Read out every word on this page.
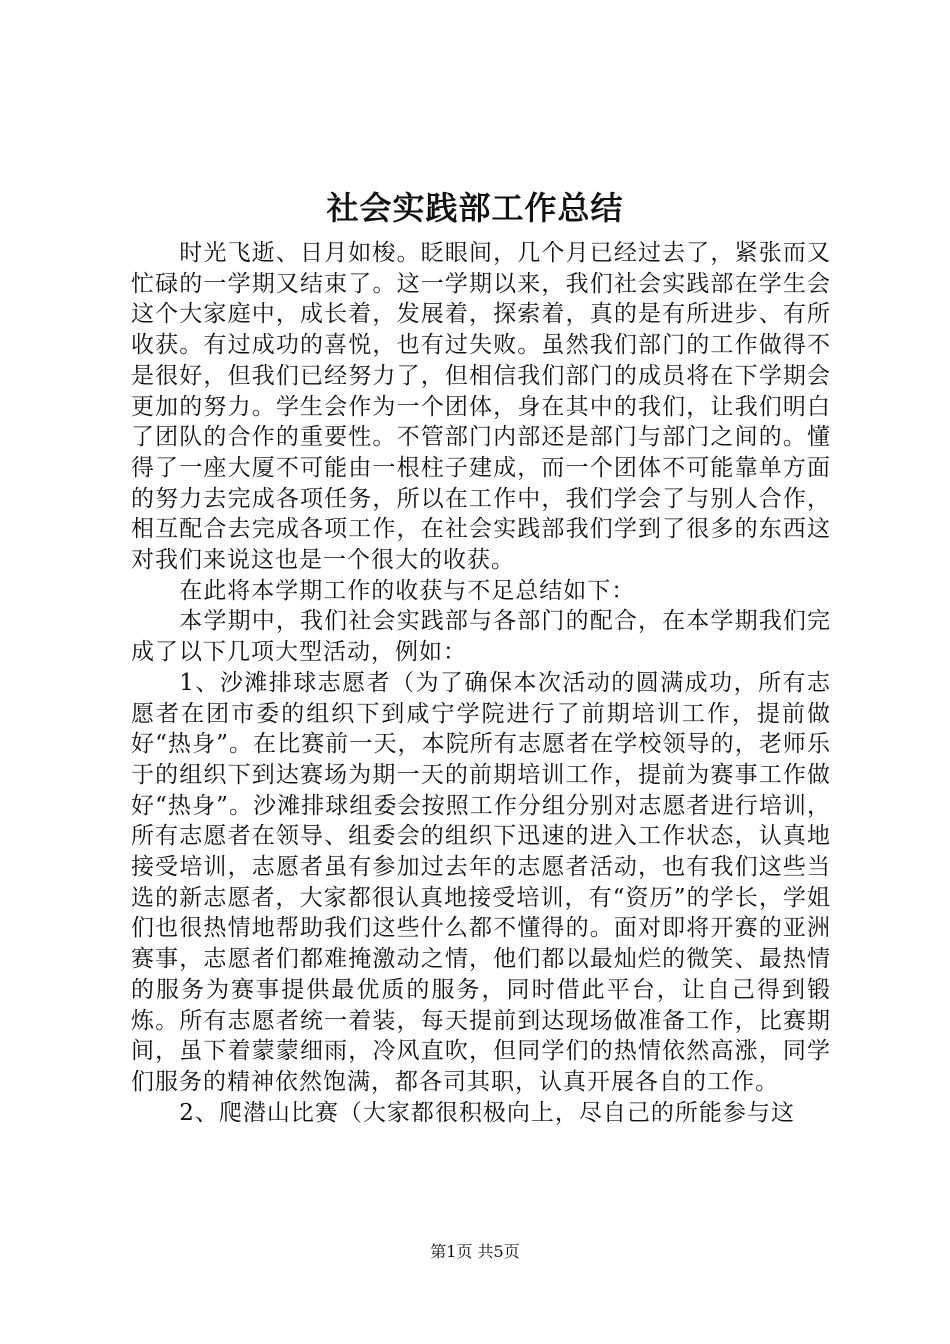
社会实践部工作总结

时光飞逝、日月如梭。眨眼间，几个月已经过去了，紧张而又忙碌的一学期又结束了。这一学期以来，我们社会实践部在学生会这个大家庭中，成长着，发展着，探索着，真的是有所进步、有所收获。有过成功的喜悦，也有过失败。虽然我们部门的工作做得不是很好，但我们已经努力了，但相信我们部门的成员将在下学期会更加的努力。学生会作为一个团体，身在其中的我们，让我们明白了团队的合作的重要性。不管部门内部还是部门与部门之间的。懂得了一座大厦不可能由一根柱子建成，而一个团体不可能靠单方面的努力去完成各项任务，所以在工作中，我们学会了与别人合作，相互配合去完成各项工作，在社会实践部我们学到了很多的东西这对我们来说这也是一个很大的收获。

在此将本学期工作的收获与不足总结如下：

本学期中，我们社会实践部与各部门的配合，在本学期我们完成了以下几项大型活动，例如：

1、沙滩排球志愿者（为了确保本次活动的圆满成功，所有志愿者在团市委的组织下到咸宁学院进行了前期培训工作，提前做好“热身”。在比赛前一天，本院所有志愿者在学校领导的，老师乐于的组织下到达赛场为期一天的前期培训工作，提前为赛事工作做好“热身”。沙滩排球组委会按照工作分组分别对志愿者进行培训，所有志愿者在领导、组委会的组织下迅速的进入工作状态，认真地接受培训，志愿者虽有参加过去年的志愿者活动，也有我们这些当选的新志愿者，大家都很认真地接受培训，有“资历”的学长，学姐们也很热情地帮助我们这些什么都不懂得的。面对即将开赛的亚洲赛事，志愿者们都难掩激动之情，他们都以最灿烂的微笑、最热情的服务为赛事提供最优质的服务，同时借此平台，让自己得到锻炼。所有志愿者统一着装，每天提前到达现场做准备工作，比赛期间，虽下着蒙蒙细雨，冷风直吹，但同学们的热情依然高涨，同学们服务的精神依然饱满，都各司其职，认真开展各自的工作。

2、爬潜山比赛（大家都很积极向上，尽自己的所能参与这

第1页 共5页
